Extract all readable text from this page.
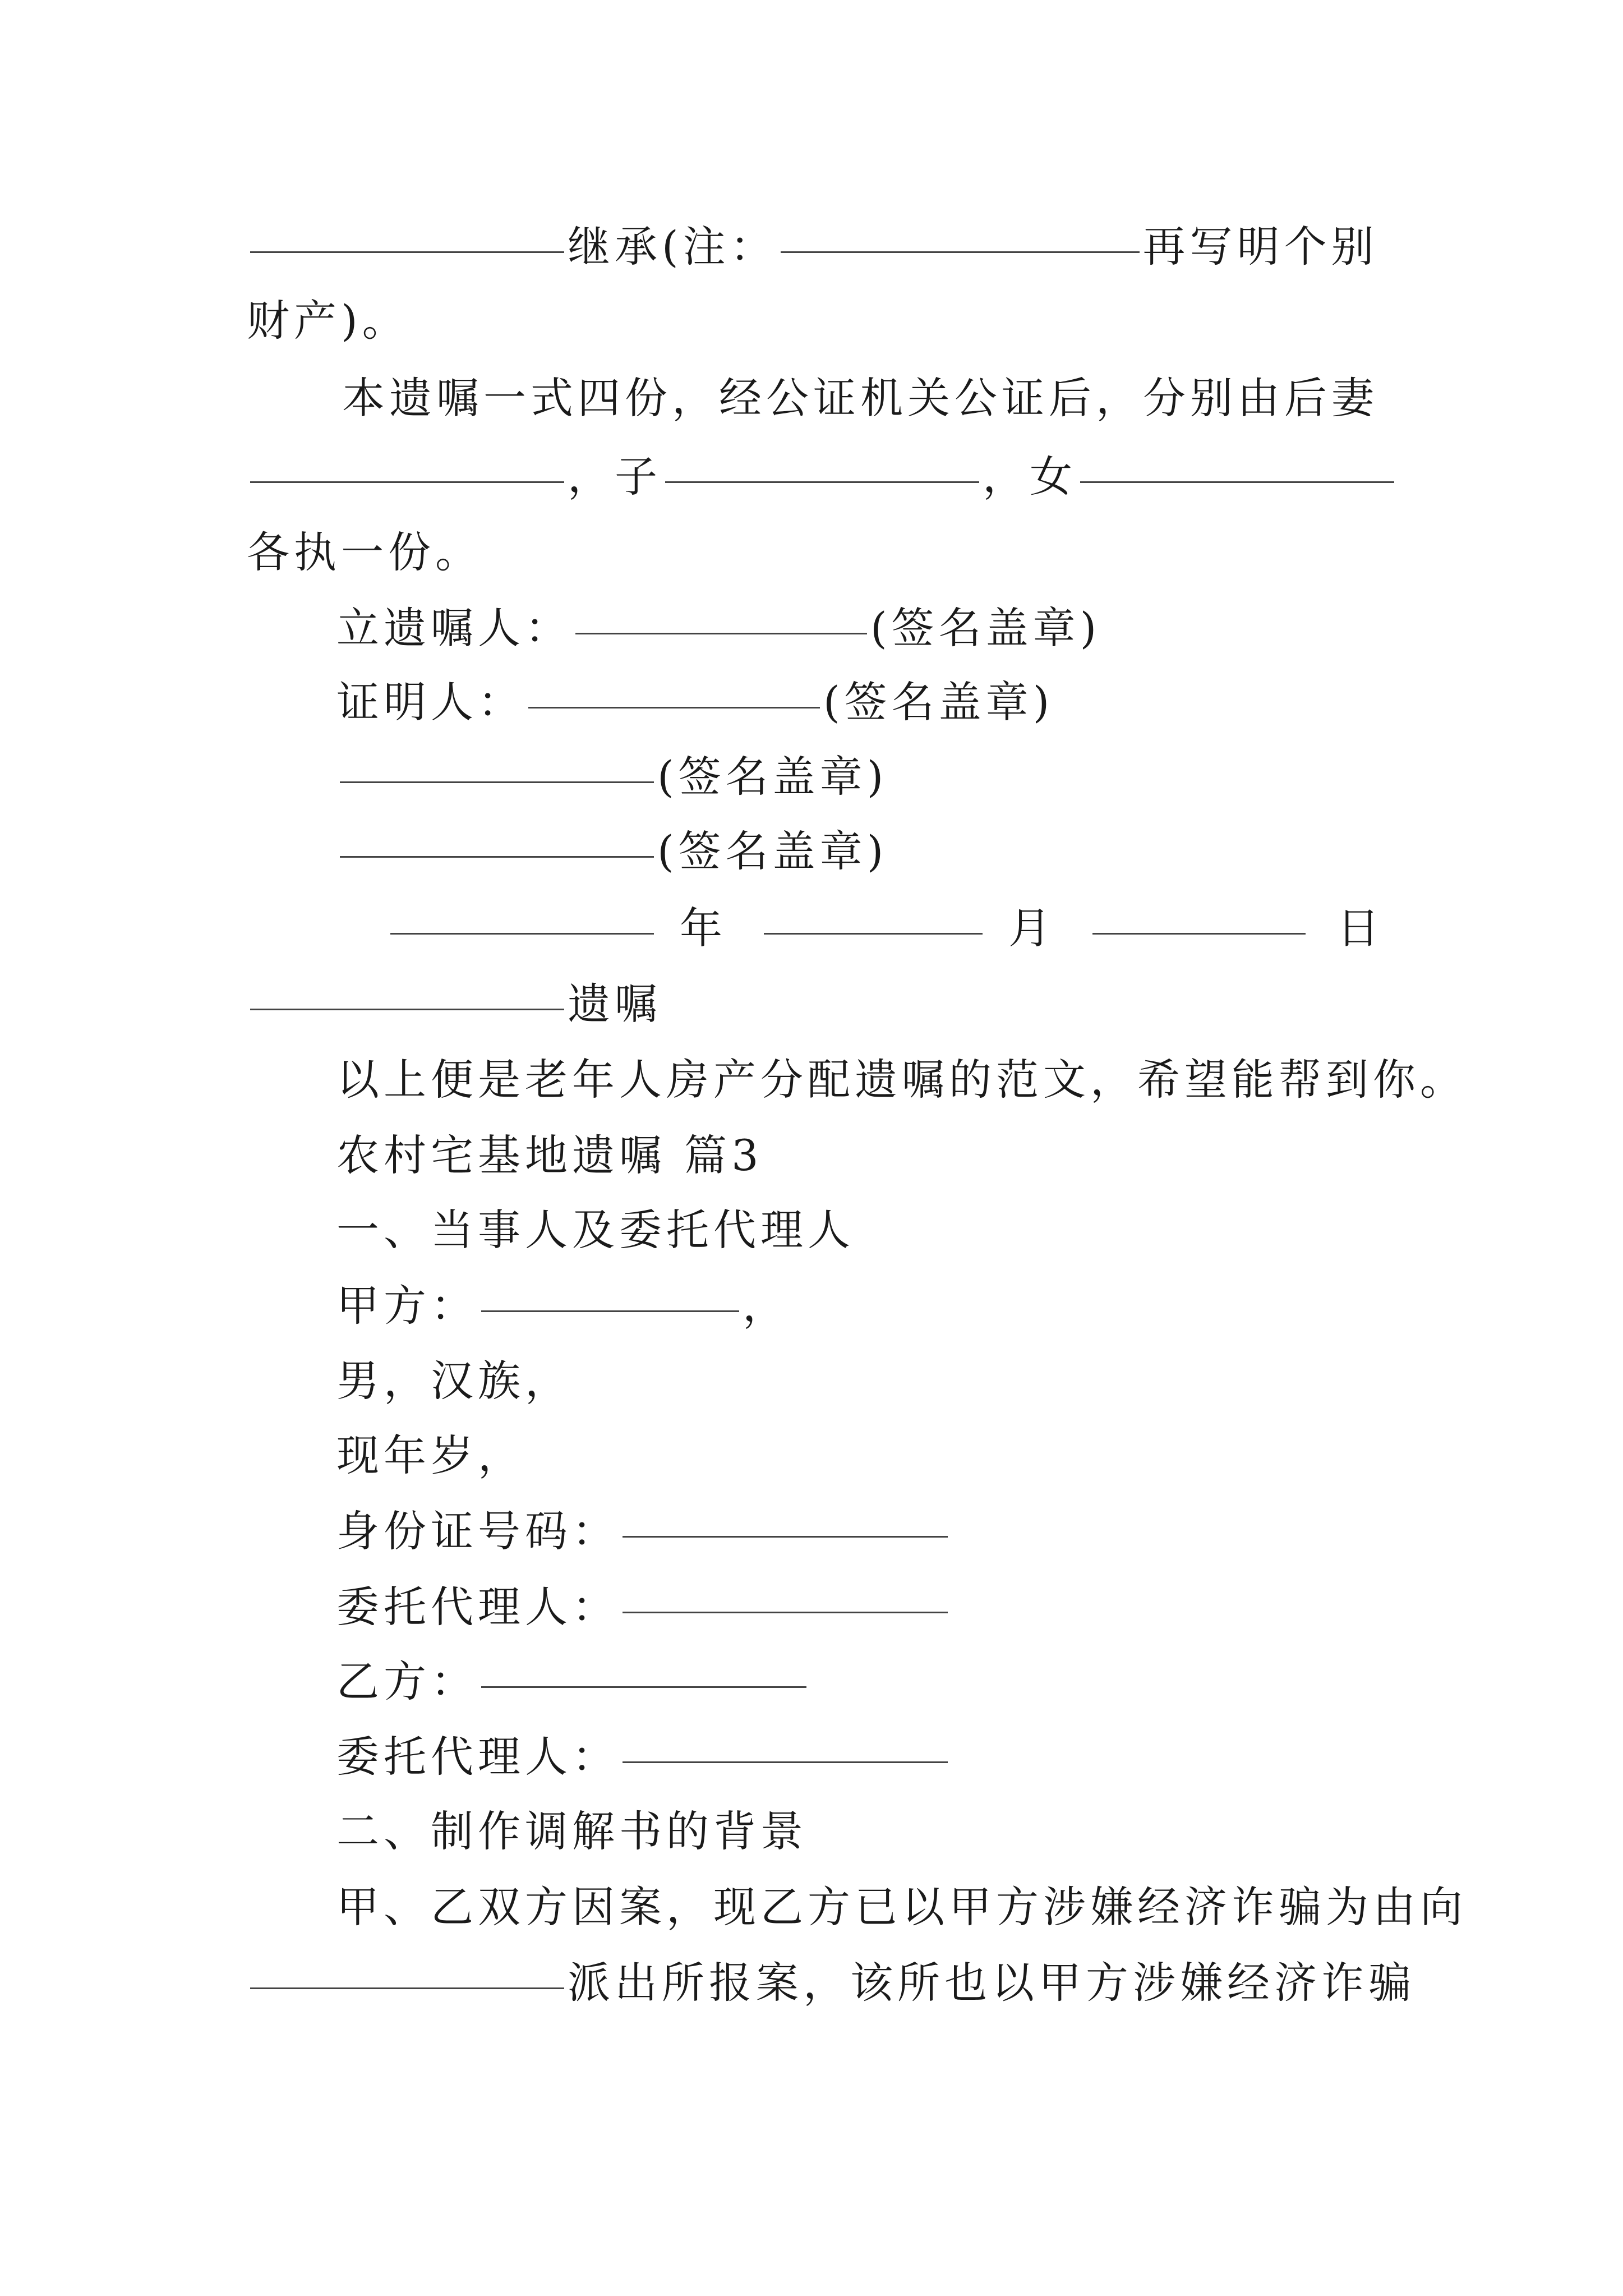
继承(注：	再写明个别
财产)。
本遗嘱一式四份，经公证机关公证后，分别由后妻
，子	，女
各执一份。
立遗嘱人：	(签名盖章)
证明人：	(签名盖章)
(签名盖章)
(签名盖章)
年	月	日
遗嘱
以上便是老年人房产分配遗嘱的范文，希望能帮到你。
农村宅基地遗嘱 篇3
一、当事人及委托代理人
甲方：	，
男，汉族，
现年岁，
身份证号码：
委托代理人：
乙方：
委托代理人：
二、制作调解书的背景
甲、乙双方因案，现乙方已以甲方涉嫌经济诈骗为由向
派出所报案，该所也以甲方涉嫌经济诈骗
